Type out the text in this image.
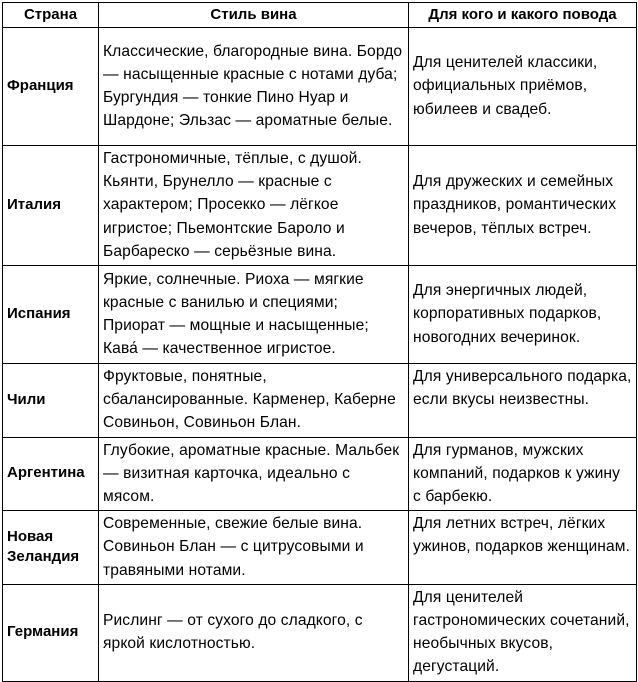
Страна	Стиль вина	Для кого и какого повода
Франция	Классические, благородные вина. Бордо — насыщенные красные с нотами дуба; Бургундия — тонкие Пино Нуар и Шардоне; Эльзас — ароматные белые.	Для ценителей классики, официальных приёмов, юбилеев и свадеб.
Италия	Гастрономичные, тёплые, с душой. Кьянти, Брунелло — красные с характером; Просекко — лёгкое игристое; Пьемонтские Бароло и Барбареско — серьёзные вина.	Для дружеских и семейных праздников, романтических вечеров, тёплых встреч.
Испания	Яркие, солнечные. Риоха — мягкие красные с ванилью и специями; Приорат — мощные и насыщенные; Кава́ — качественное игристое.	Для энергичных людей, корпоративных подарков, новогодних вечеринок.
Чили	Фруктовые, понятные, сбалансированные. Карменер, Каберне Совиньон, Совиньон Блан.	Для универсального подарка, если вкусы неизвестны.
Аргентина	Глубокие, ароматные красные. Мальбек — визитная карточка, идеально с мясом.	Для гурманов, мужских компаний, подарков к ужину с барбекю.
Новая Зеландия	Современные, свежие белые вина. Совиньон Блан — с цитрусовыми и травяными нотами.	Для летних встреч, лёгких ужинов, подарков женщинам.
Германия	Рислинг — от сухого до сладкого, с яркой кислотностью.	Для ценителей гастрономических сочетаний, необычных вкусов, дегустаций.
